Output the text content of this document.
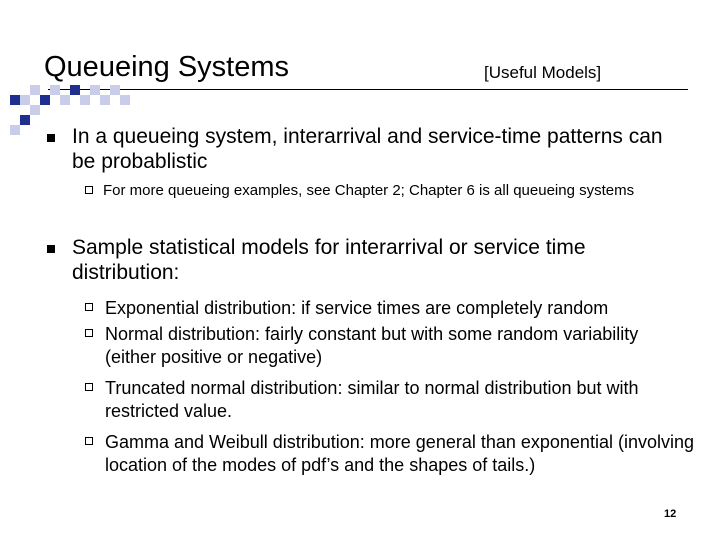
Queueing Systems	[Useful Models]
In a queueing system, interarrival and service-time patterns can be probablistic
For more queueing examples, see Chapter 2; Chapter 6 is all queueing systems
Sample statistical models for interarrival or service time distribution:
Exponential distribution: if service times are completely random
Normal distribution: fairly constant but with some random variability (either positive or negative)
Truncated normal distribution: similar to normal distribution but with restricted value.
Gamma and Weibull distribution: more general than exponential (involving location of the modes of pdf’s and the shapes of tails.)
12
